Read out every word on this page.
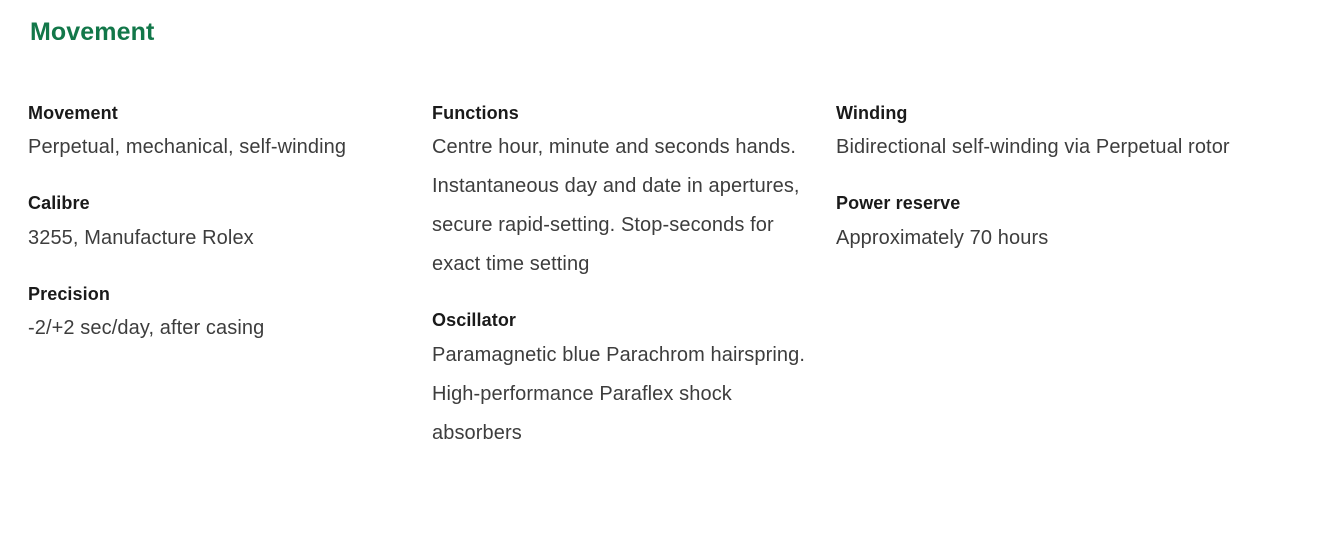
Movement
Movement
Perpetual, mechanical, self-winding
Calibre
3255, Manufacture Rolex
Precision
-2/+2 sec/day, after casing
Functions
Centre hour, minute and seconds hands. Instantaneous day and date in apertures, secure rapid-setting. Stop-seconds for exact time setting
Oscillator
Paramagnetic blue Parachrom hairspring. High-performance Paraflex shock absorbers
Winding
Bidirectional self-winding via Perpetual rotor
Power reserve
Approximately 70 hours
